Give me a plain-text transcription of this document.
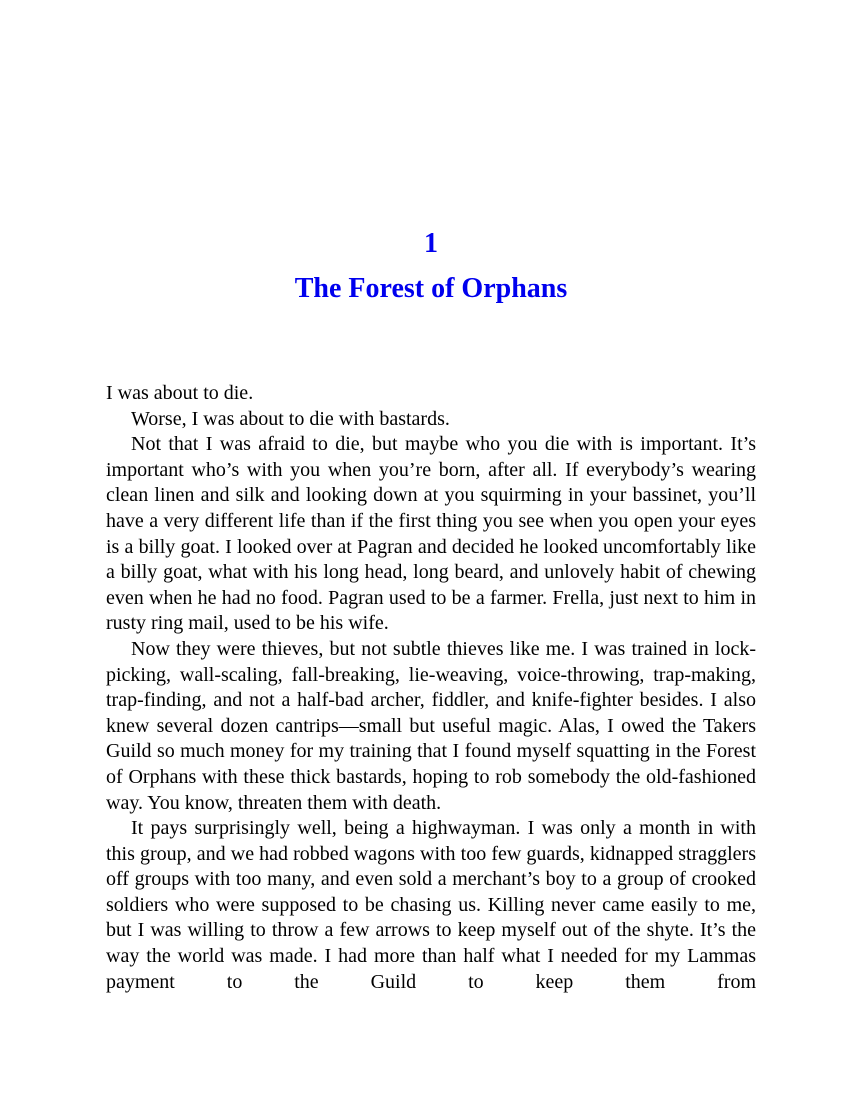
1
The Forest of Orphans

I was about to die.

Worse, I was about to die with bastards.

Not that I was afraid to die, but maybe who you die with is important. It’s important who’s with you when you’re born, after all. If everybody’s wearing clean linen and silk and looking down at you squirming in your bassinet, you’ll have a very different life than if the first thing you see when you open your eyes is a billy goat. I looked over at Pagran and decided he looked uncomfortably like a billy goat, what with his long head, long beard, and unlovely habit of chewing even when he had no food. Pagran used to be a farmer. Frella, just next to him in rusty ring mail, used to be his wife.

Now they were thieves, but not subtle thieves like me. I was trained in lock-picking, wall-scaling, fall-breaking, lie-weaving, voice-throwing, trap-making, trap-finding, and not a half-bad archer, fiddler, and knife-fighter besides. I also knew several dozen cantrips—small but useful magic. Alas, I owed the Takers Guild so much money for my training that I found myself squatting in the Forest of Orphans with these thick bastards, hoping to rob somebody the old-fashioned way. You know, threaten them with death.

It pays surprisingly well, being a highwayman. I was only a month in with this group, and we had robbed wagons with too few guards, kidnapped stragglers off groups with too many, and even sold a merchant’s boy to a group of crooked soldiers who were supposed to be chasing us. Killing never came easily to me, but I was willing to throw a few arrows to keep myself out of the shyte. It’s the way the world was made. I had more than half what I needed for my Lammas payment to the Guild to keep them from
